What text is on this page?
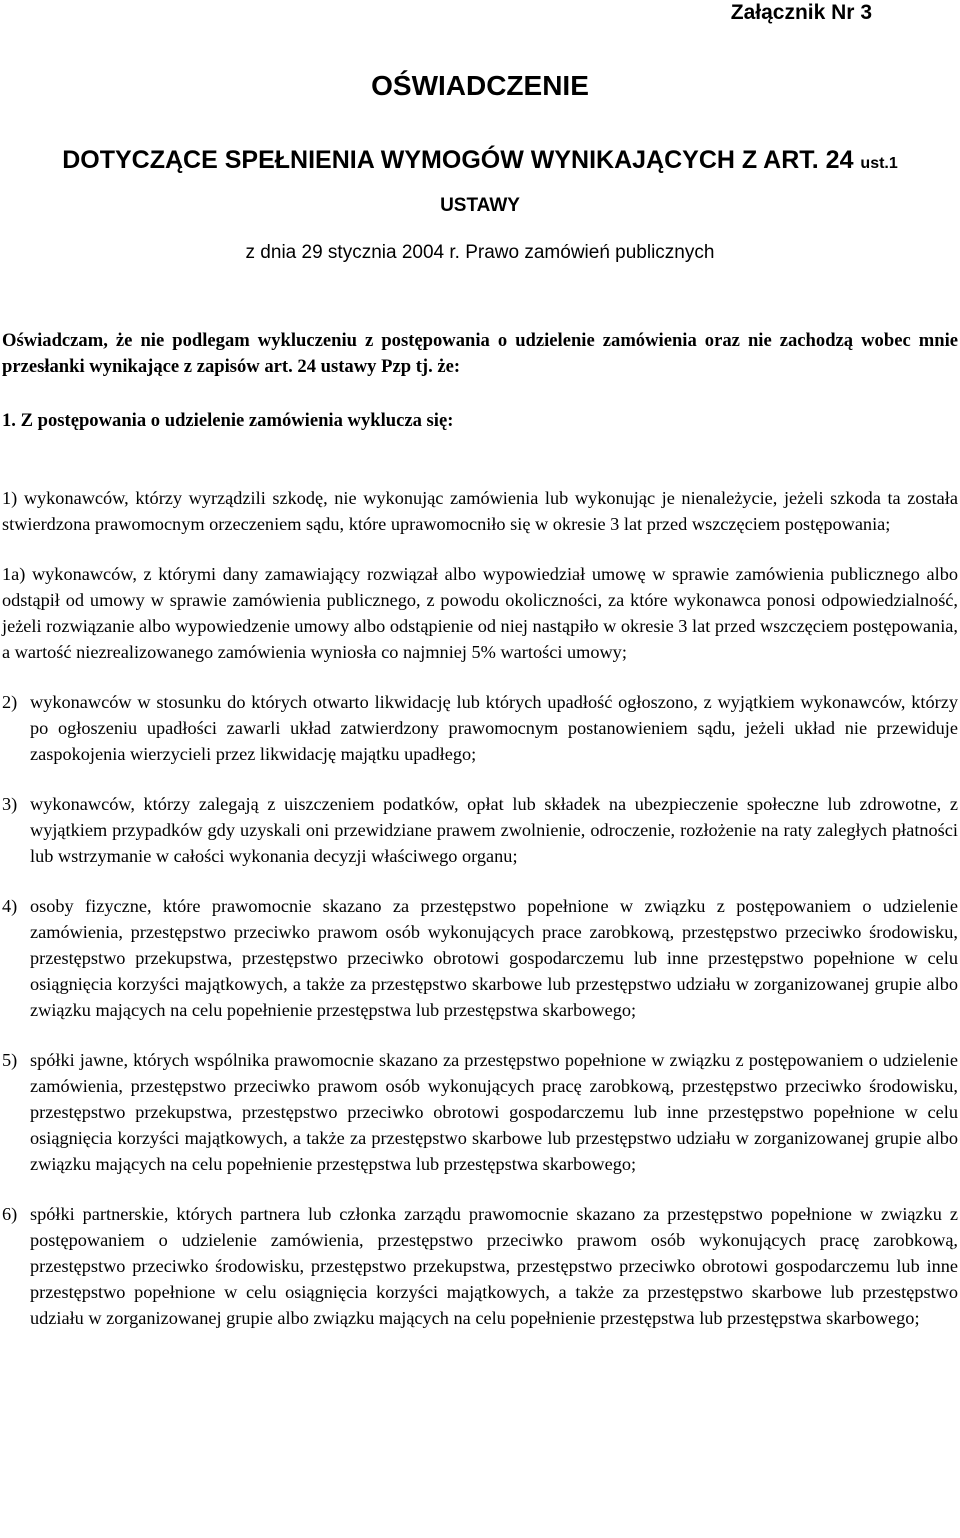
Załącznik Nr 3
OŚWIADCZENIE
DOTYCZĄCE SPEŁNIENIA WYMOGÓW WYNIKAJĄCYCH Z ART. 24 ust.1
USTAWY
z dnia 29 stycznia 2004 r. Prawo zamówień publicznych

Oświadczam, że nie podlegam wykluczeniu z postępowania o udzielenie zamówienia oraz nie zachodzą wobec mnie przesłanki wynikające z zapisów art. 24 ustawy Pzp tj. że:

1. Z postępowania o udzielenie zamówienia wyklucza się:

1) wykonawców, którzy wyrządzili szkodę, nie wykonując zamówienia lub wykonując je nienależycie, jeżeli szkoda ta została stwierdzona prawomocnym orzeczeniem sądu, które uprawomocniło się w okresie 3 lat przed wszczęciem postępowania;
1a) wykonawców, z którymi dany zamawiający rozwiązał albo wypowiedział umowę w sprawie zamówienia publicznego albo odstąpił od umowy w sprawie zamówienia publicznego, z powodu okoliczności, za które wykonawca ponosi odpowiedzialność, jeżeli rozwiązanie albo wypowiedzenie umowy albo odstąpienie od niej nastąpiło w okresie 3 lat przed wszczęciem postępowania, a wartość niezrealizowanego zamówienia wyniosła co najmniej 5% wartości umowy;
2) wykonawców w stosunku do których otwarto likwidację lub których upadłość ogłoszono, z wyjątkiem wykonawców, którzy po ogłoszeniu upadłości zawarli układ zatwierdzony prawomocnym postanowieniem sądu, jeżeli układ nie przewiduje zaspokojenia wierzycieli przez likwidację majątku upadłego;
3) wykonawców, którzy zalegają z uiszczeniem podatków, opłat lub składek na ubezpieczenie społeczne lub zdrowotne, z wyjątkiem przypadków gdy uzyskali oni przewidziane prawem zwolnienie, odroczenie, rozłożenie na raty zaległych płatności lub wstrzymanie w całości wykonania decyzji właściwego organu;
4) osoby fizyczne, które prawomocnie skazano za przestępstwo popełnione w związku z postępowaniem o udzielenie zamówienia, przestępstwo przeciwko prawom osób wykonujących prace zarobkową, przestępstwo przeciwko środowisku, przestępstwo przekupstwa, przestępstwo przeciwko obrotowi gospodarczemu lub inne przestępstwo popełnione w celu osiągnięcia korzyści majątkowych, a także za przestępstwo skarbowe lub przestępstwo udziału w zorganizowanej grupie albo związku mających na celu popełnienie przestępstwa lub przestępstwa skarbowego;
5) spółki jawne, których wspólnika prawomocnie skazano za przestępstwo popełnione w związku z postępowaniem o udzielenie zamówienia, przestępstwo przeciwko prawom osób wykonujących pracę zarobkową, przestępstwo przeciwko środowisku, przestępstwo przekupstwa, przestępstwo przeciwko obrotowi gospodarczemu lub inne przestępstwo popełnione w celu osiągnięcia korzyści majątkowych, a także za przestępstwo skarbowe lub przestępstwo udziału w zorganizowanej grupie albo związku mających na celu popełnienie przestępstwa lub przestępstwa skarbowego;
6) spółki partnerskie, których partnera lub członka zarządu prawomocnie skazano za przestępstwo popełnione w związku z postępowaniem o udzielenie zamówienia, przestępstwo przeciwko prawom osób wykonujących pracę zarobkową, przestępstwo przeciwko środowisku, przestępstwo przekupstwa, przestępstwo przeciwko obrotowi gospodarczemu lub inne przestępstwo popełnione w celu osiągnięcia korzyści majątkowych, a także za przestępstwo skarbowe lub przestępstwo udziału w zorganizowanej grupie albo związku mających na celu popełnienie przestępstwa lub przestępstwa skarbowego;
